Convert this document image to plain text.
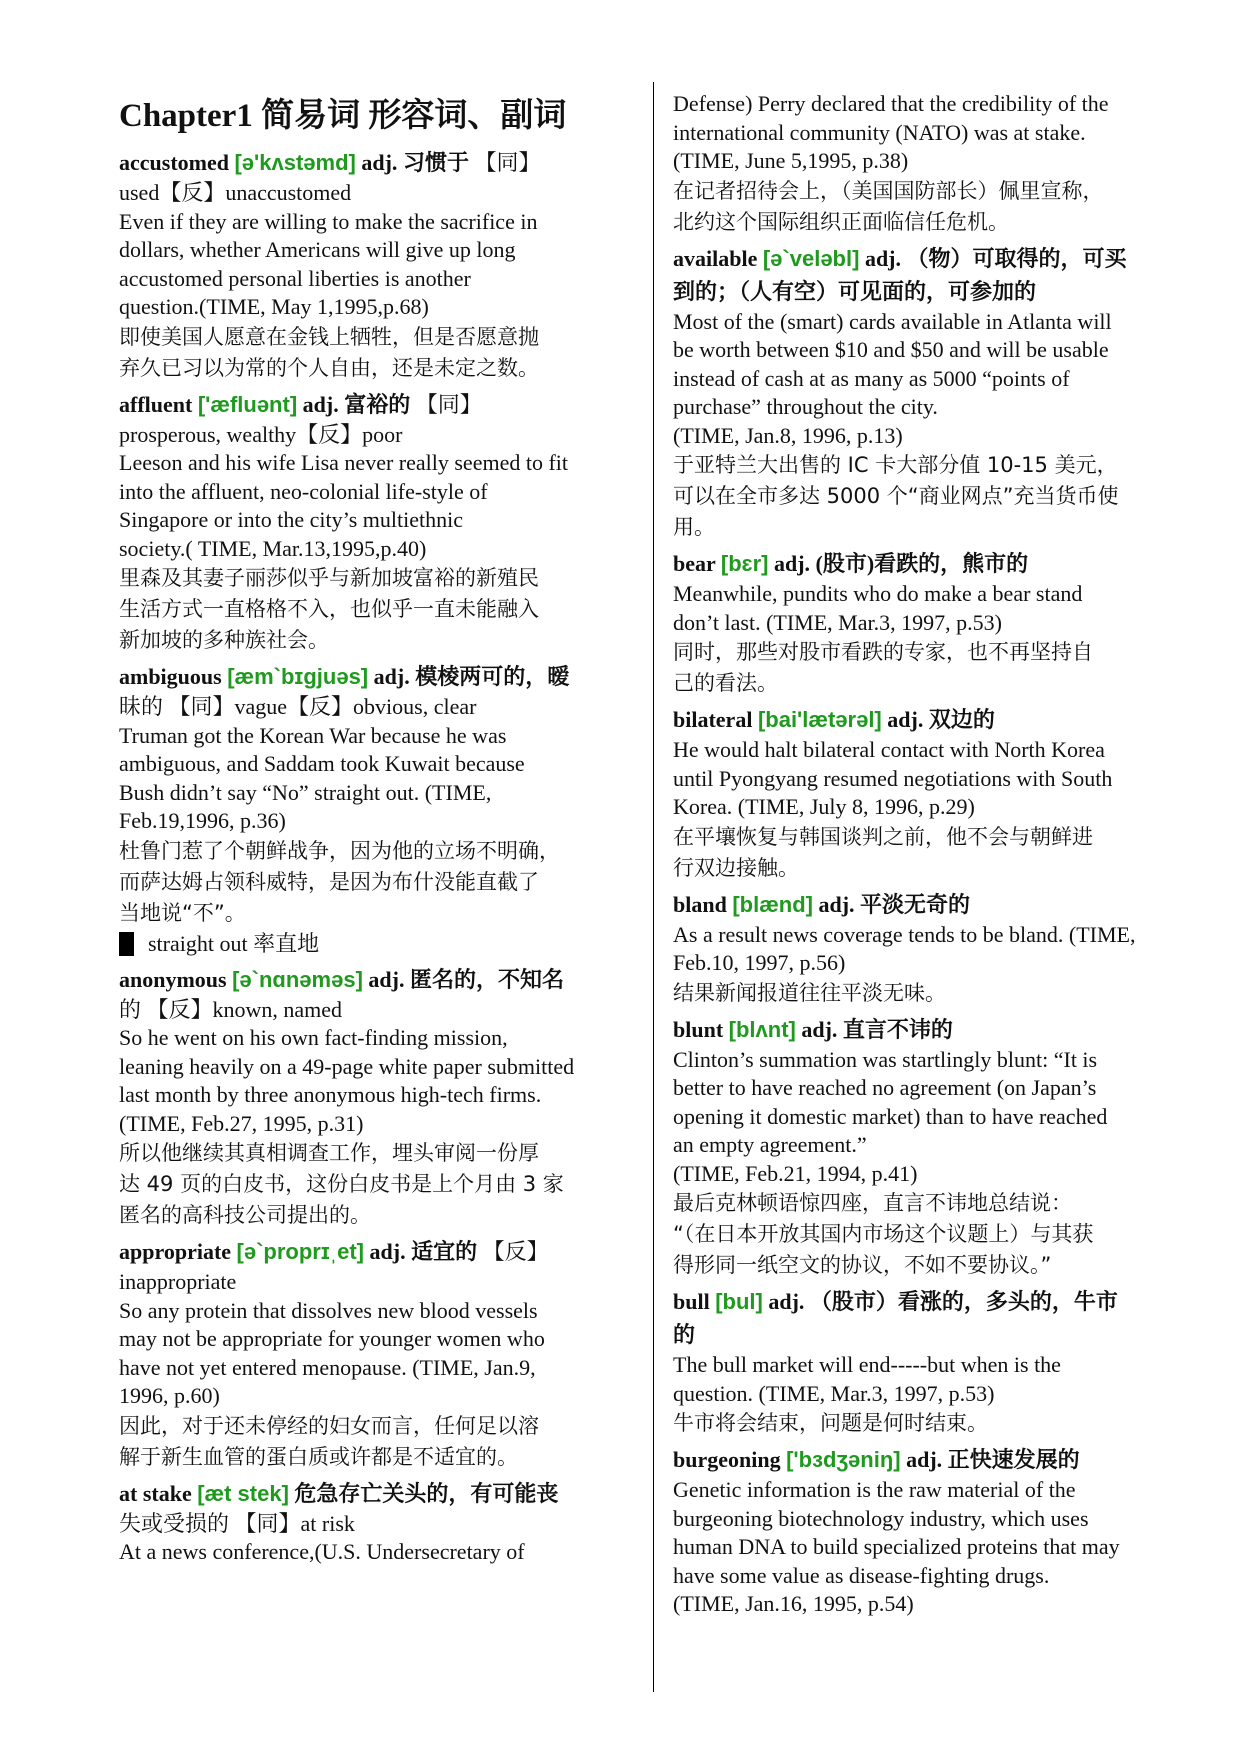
Chapter1 简易词 形容词、副词
accustomed [ə'kʌstəmd] adj. 习惯于 【同】
used【反】unaccustomed
Even if they are willing to make the sacrifice in
dollars, whether Americans will give up long
accustomed personal liberties is another
question.(TIME, May 1,1995,p.68)
即使美国人愿意在金钱上牺牲，但是否愿意抛
弃久已习以为常的个人自由，还是未定之数。
affluent ['æfluənt] adj. 富裕的 【同】
prosperous, wealthy【反】poor
Leeson and his wife Lisa never really seemed to fit
into the affluent, neo-colonial life-style of
Singapore or into the city’s multiethnic
society.( TIME, Mar.13,1995,p.40)
里森及其妻子丽莎似乎与新加坡富裕的新殖民
生活方式一直格格不入，也似乎一直未能融入
新加坡的多种族社会。
ambiguous [æm`bɪgjuəs] adj. 模棱两可的，暧
昧的 【同】vague【反】obvious, clear
Truman got the Korean War because he was
ambiguous, and Saddam took Kuwait because
Bush didn’t say “No” straight out. (TIME,
Feb.19,1996, p.36)
杜鲁门惹了个朝鲜战争，因为他的立场不明确，
而萨达姆占领科威特，是因为布什没能直截了
当地说“不”。
straight out 率直地
anonymous [ə`nɑnəməs] adj. 匿名的，不知名
的 【反】known, named
So he went on his own fact-finding mission,
leaning heavily on a 49-page white paper submitted
last month by three anonymous high-tech firms.
(TIME, Feb.27, 1995, p.31)
所以他继续其真相调查工作，埋头审阅一份厚
达 49 页的白皮书，这份白皮书是上个月由 3 家
匿名的高科技公司提出的。
appropriate [ə`proprɪˌet] adj. 适宜的 【反】
inappropriate
So any protein that dissolves new blood vessels
may not be appropriate for younger women who
have not yet entered menopause. (TIME, Jan.9,
1996, p.60)
因此，对于还未停经的妇女而言，任何足以溶
解于新生血管的蛋白质或许都是不适宜的。
at stake [æt stek] 危急存亡关头的，有可能丧
失或受损的 【同】at risk
At a news conference,(U.S. Undersecretary of
Defense) Perry declared that the credibility of the
international community (NATO) was at stake.
(TIME, June 5,1995, p.38)
在记者招待会上，（美国国防部长）佩里宣称，
北约这个国际组织正面临信任危机。
available [ə`veləbl] adj. （物）可取得的，可买
到的；（人有空）可见面的，可参加的
Most of the (smart) cards available in Atlanta will
be worth between $10 and $50 and will be usable
instead of cash at as many as 5000 “points of
purchase” throughout the city.
(TIME, Jan.8, 1996, p.13)
于亚特兰大出售的 IC 卡大部分值 10-15 美元，
可以在全市多达 5000 个“商业网点”充当货币使
用。
bear [bɛr] adj. (股市)看跌的，熊市的
Meanwhile, pundits who do make a bear stand
don’t last. (TIME, Mar.3, 1997, p.53)
同时，那些对股市看跌的专家，也不再坚持自
己的看法。
bilateral [bai'lætərəl] adj. 双边的
He would halt bilateral contact with North Korea
until Pyongyang resumed negotiations with South
Korea. (TIME, July 8, 1996, p.29)
在平壤恢复与韩国谈判之前，他不会与朝鲜进
行双边接触。
bland [blænd] adj. 平淡无奇的
As a result news coverage tends to be bland. (TIME,
Feb.10, 1997, p.56)
结果新闻报道往往平淡无味。
blunt [blʌnt] adj. 直言不讳的
Clinton’s summation was startlingly blunt: “It is
better to have reached no agreement (on Japan’s
opening it domestic market) than to have reached
an empty agreement.”
(TIME, Feb.21, 1994, p.41)
最后克林顿语惊四座，直言不讳地总结说：
“（在日本开放其国内市场这个议题上）与其获
得形同一纸空文的协议，不如不要协议。”
bull [bul] adj. （股市）看涨的，多头的，牛市
的
The bull market will end-----but when is the
question. (TIME, Mar.3, 1997, p.53)
牛市将会结束，问题是何时结束。
burgeoning ['bɜdʒəniŋ] adj. 正快速发展的
Genetic information is the raw material of the
burgeoning biotechnology industry, which uses
human DNA to build specialized proteins that may
have some value as disease-fighting drugs.
(TIME, Jan.16, 1995, p.54)
